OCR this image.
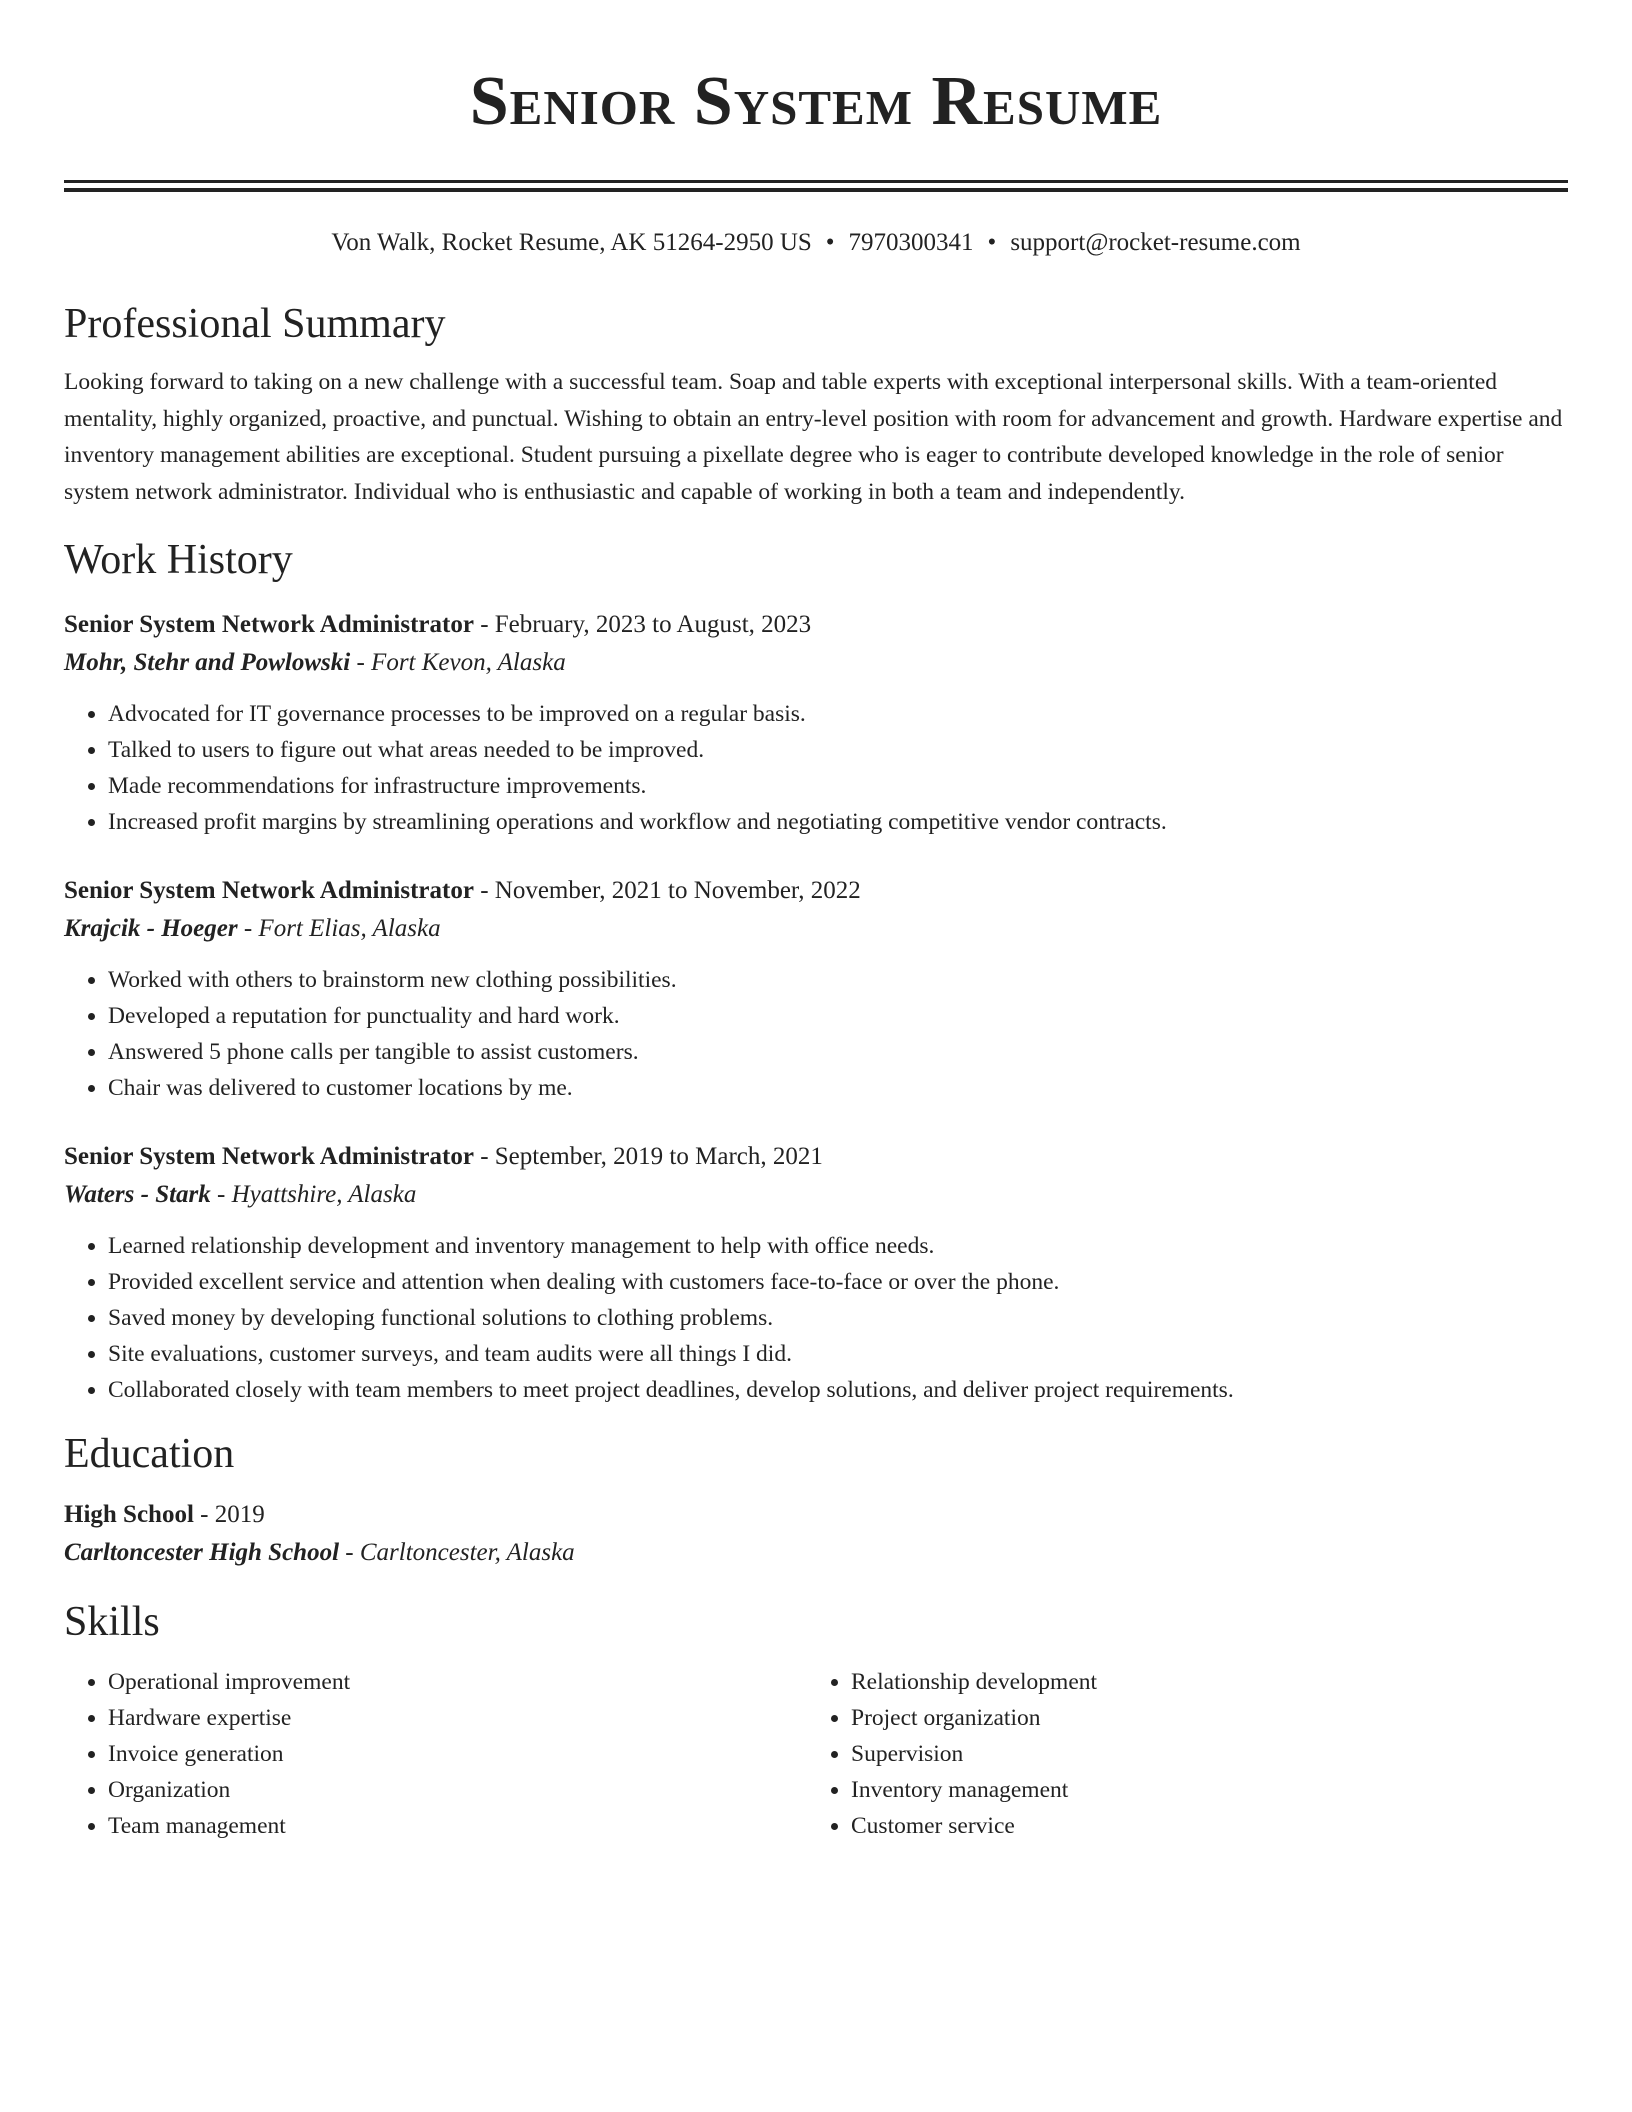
Senior System Resume
Von Walk, Rocket Resume, AK 51264-2950 US • 7970300341 • support@rocket-resume.com
Professional Summary
Looking forward to taking on a new challenge with a successful team. Soap and table experts with exceptional interpersonal skills. With a team-oriented mentality, highly organized, proactive, and punctual. Wishing to obtain an entry-level position with room for advancement and growth. Hardware expertise and inventory management abilities are exceptional. Student pursuing a pixellate degree who is eager to contribute developed knowledge in the role of senior system network administrator. Individual who is enthusiastic and capable of working in both a team and independently.
Work History
Senior System Network Administrator - February, 2023 to August, 2023
Mohr, Stehr and Powlowski - Fort Kevon, Alaska
• Advocated for IT governance processes to be improved on a regular basis.
• Talked to users to figure out what areas needed to be improved.
• Made recommendations for infrastructure improvements.
• Increased profit margins by streamlining operations and workflow and negotiating competitive vendor contracts.
Senior System Network Administrator - November, 2021 to November, 2022
Krajcik - Hoeger - Fort Elias, Alaska
• Worked with others to brainstorm new clothing possibilities.
• Developed a reputation for punctuality and hard work.
• Answered 5 phone calls per tangible to assist customers.
• Chair was delivered to customer locations by me.
Senior System Network Administrator - September, 2019 to March, 2021
Waters - Stark - Hyattshire, Alaska
• Learned relationship development and inventory management to help with office needs.
• Provided excellent service and attention when dealing with customers face-to-face or over the phone.
• Saved money by developing functional solutions to clothing problems.
• Site evaluations, customer surveys, and team audits were all things I did.
• Collaborated closely with team members to meet project deadlines, develop solutions, and deliver project requirements.
Education
High School - 2019
Carltoncester High School - Carltoncester, Alaska
Skills
• Operational improvement
• Hardware expertise
• Invoice generation
• Organization
• Team management
• Relationship development
• Project organization
• Supervision
• Inventory management
• Customer service
